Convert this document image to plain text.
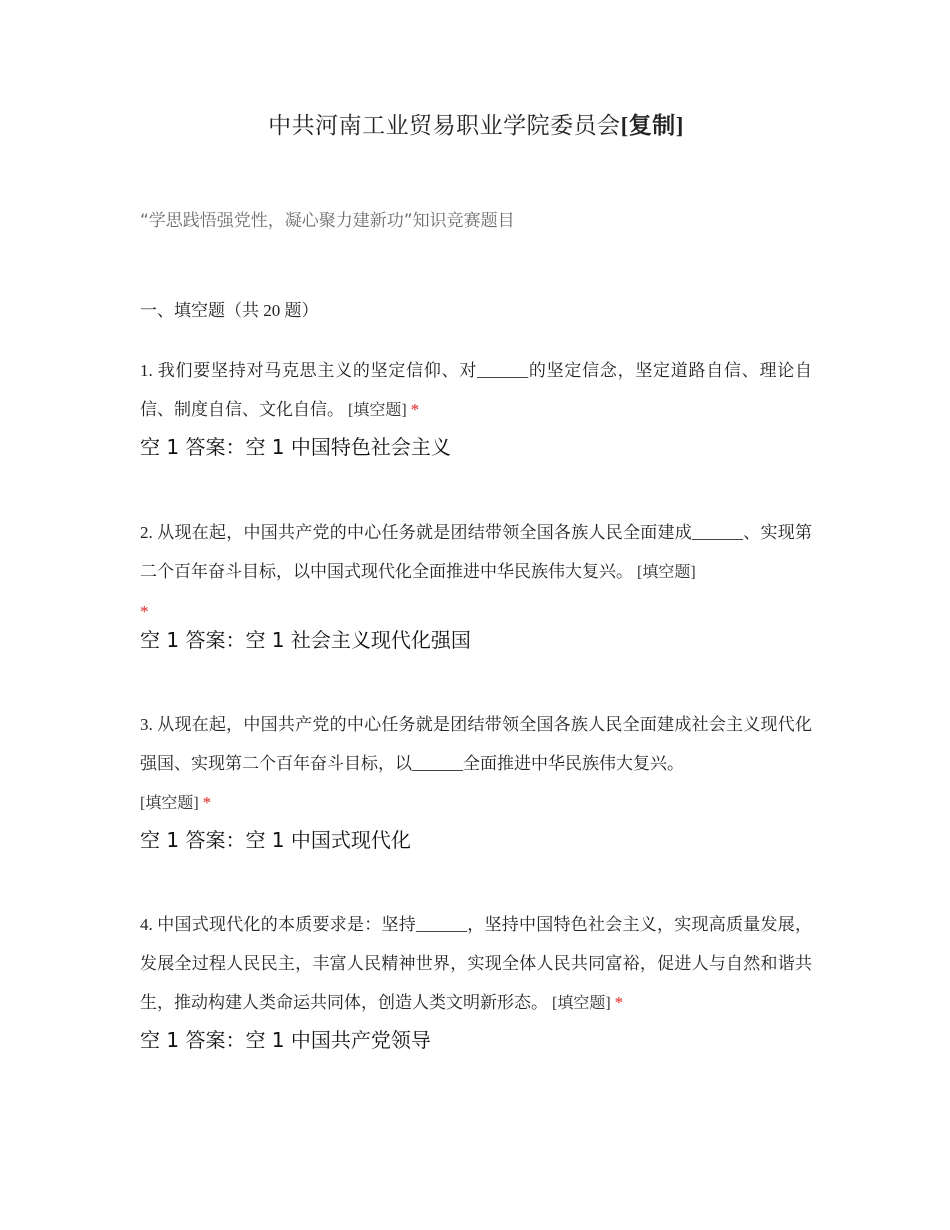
中共河南工业贸易职业学院委员会[复制]
“学思践悟强党性，凝心聚力建新功”知识竞赛题目
一、填空题（共 20 题）
1. 我们要坚持对马克思主义的坚定信仰、对______的坚定信念，坚定道路自信、理论自信、制度自信、文化自信。 [填空题] *
空 1 答案：空 1 中国特色社会主义
2. 从现在起，中国共产党的中心任务就是团结带领全国各族人民全面建成______、实现第二个百年奋斗目标，以中国式现代化全面推进中华民族伟大复兴。 [填空题]
*
空 1 答案：空 1 社会主义现代化强国
3. 从现在起，中国共产党的中心任务就是团结带领全国各族人民全面建成社会主义现代化强国、实现第二个百年奋斗目标，以______全面推进中华民族伟大复兴。
[填空题] *
空 1 答案：空 1 中国式现代化
4. 中国式现代化的本质要求是：坚持______，坚持中国特色社会主义，实现高质量发展，发展全过程人民民主，丰富人民精神世界，实现全体人民共同富裕，促进人与自然和谐共生，推动构建人类命运共同体，创造人类文明新形态。 [填空题] *
空 1 答案：空 1 中国共产党领导
